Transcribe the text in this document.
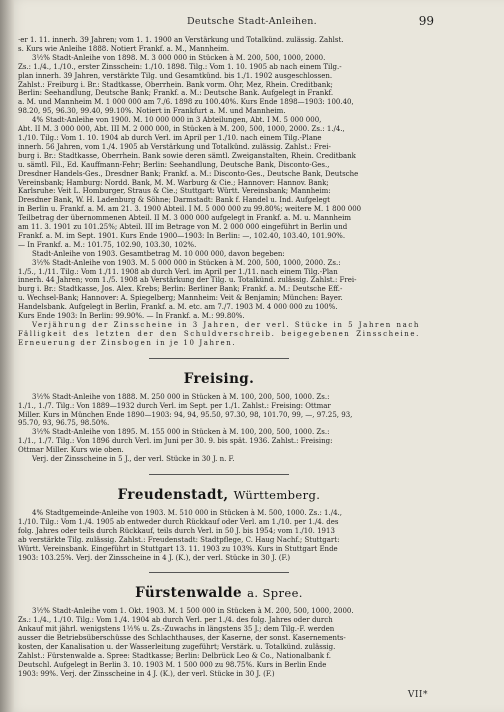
Deutsche Stadt-Anleihen.	99

·er 1. 11. innerh. 39 Jahren; vom 1. 1. 1900 an Verstärkung und Totalkünd. zulässig. Zahlst.

s. Kurs wie Anleihe 1888. Notiert Frankf. a. M., Mannheim.

3½% Stadt-Anleihe von 1898. M. 3 000 000 in Stücken à M. 200, 500, 1000, 2000.

Zs.: 1./4., 1./10., erster Zinsschein: 1./10. 1898. Tilg.: Vom 1. 10. 1905 ab nach einem Tilg.-

plan innerh. 39 Jahren, verstärkte Tilg. und Gesamtkünd. bis 1./1. 1902 ausgeschlossen.

Zahlst.: Freiburg i. Br.: Stadtkasse, Oberrhein. Bank vorm. Ohr, Mez, Rhein. Creditbank;

Berlin: Seehandlung, Deutsche Bank; Frankf. a. M.: Deutsche Bank. Aufgelegt in Frankf.

a. M. und Mannheim M. 1 000 000 am 7./6. 1898 zu 100.40%. Kurs Ende 1898—1903: 100.40,

98.20, 95, 96.30, 99.40, 99.10%. Notiert in Frankfurt a. M. und Mannheim.

4% Stadt-Anleihe von 1900. M. 10 000 000 in 3 Abteilungen, Abt. I M. 5 000 000,

Abt. II M. 3 000 000, Abt. III M. 2 000 000, in Stücken à M. 200, 500, 1000, 2000. Zs.: 1./4.,

1./10. Tilg.: Vom 1. 10. 1904 ab durch Verl. im April per 1./10. nach einem Tilg.-Plane

innerh. 56 Jahren, vom 1./4. 1905 ab Verstärkung und Totalkünd. zulässig. Zahlst.: Frei-

burg i. Br.: Stadtkasse, Oberrhein. Bank sowie deren sämtl. Zweiganstalten, Rhein. Creditbank

u. sämtl. Fil., Ed. Kauffmann-Fehr; Berlin: Seehandlung, Deutsche Bank, Disconto-Ges.,

Dresdner Handels-Ges., Dresdner Bank; Frankf. a. M.: Disconto-Ges., Deutsche Bank, Deutsche

Vereinsbank; Hamburg: Nordd. Bank, M. M. Warburg & Cie.; Hannover: Hannov. Bank;

Karlsruhe: Veit L. Homburger, Straus & Cie.; Stuttgart: Württ. Vereinsbank; Mannheim:

Dresdner Bank, W. H. Ladenburg & Söhne; Darmstadt: Bank f. Handel u. Ind. Aufgelegt

in Berlin u. Frankf. a. M. am 21. 3. 1900 Abteil. I M. 5 000 000 zu 99.80%; weitere M. 1 800 000

Teilbetrag der übernommenen Abteil. II M. 3 000 000 aufgelegt in Frankf. a. M. u. Mannheim

am 11. 3. 1901 zu 101.25%; Abteil. III im Betrage von M. 2 000 000 eingeführt in Berlin und

Frankf. a. M. im Sept. 1901. Kurs Ende 1900—1903: In Berlin: —, 102.40, 103.40, 101.90%.

— In Frankf. a. M.: 101.75, 102.90, 103.30, 102%.

Stadt-Anleihe von 1903. Gesamtbetrag M. 10 000 000, davon begeben:

3½% Stadt-Anleihe von 1903. M. 5 000 000 in Stücken à M. 200, 500, 1000, 2000. Zs.:

1./5., 1./11. Tilg.: Vom 1./11. 1908 ab durch Verl. im April per 1./11. nach einem Tilg.-Plan

innerh. 44 Jahren; vom 1./5. 1908 ab Verstärkung der Tilg. u. Totalkünd. zulässig. Zahlst.: Frei-

burg i. Br.: Stadtkasse, Jos. Alex. Krebs; Berlin: Berliner Bank; Frankf. a. M.: Deutsche Eff.-

u. Wechsel-Bank; Hannover: A. Spiegelberg; Mannheim: Veit & Benjamin; München: Bayer.

Handelsbank. Aufgelegt in Berlin, Frankf. a. M. etc. am 7./7. 1903 M. 4 000 000 zu 100%.

Kurs Ende 1903: In Berlin: 99.90%. — In Frankf. a. M.: 99.80%.

Verjährung der Zinsscheine in 3 Jahren, der verl. Stücke in 5 Jahren nach Fälligkeit des letzten der den Schuldverschreib. beigegebenen Zinsscheine. Erneuerung der Zinsbogen in je 10 Jahren.

Freising.

3½% Stadt-Anleihe von 1888. M. 250 000 in Stücken à M. 100, 200, 500, 1000. Zs.:

1./1., 1./7. Tilg.: Von 1889—1932 durch Verl. im Sept. per 1./1. Zahlst.: Freising: Ottmar

Miller. Kurs in München Ende 1890—1903: 94, 94, 95.50, 97.30, 98, 101.70, 99, —, 97.25, 93,

95.70, 93, 96.75, 98.50%.

3½% Stadt-Anleihe von 1895. M. 155 000 in Stücken à M. 100, 200, 500, 1000. Zs.:

1./1., 1./7. Tilg.: Von 1896 durch Verl. im Juni per 30. 9. bis spät. 1936. Zahlst.: Freising:

Ottmar Miller. Kurs wie oben.

Verj. der Zinsscheine in 5 J., der verl. Stücke in 30 J. n. F.

Freudenstadt, Württemberg.

4% Stadtgemeinde-Anleihe von 1903. M. 510 000 in Stücken à M. 500, 1000. Zs.: 1./4.,

1./10. Tilg.: Vom 1./4. 1905 ab entweder durch Rückkauf oder Verl. am 1./10. per 1./4. des

folg. Jahres oder teils durch Rückkauf, teils durch Verl. in 50 J. bis 1954; vom 1./10. 1913

ab verstärkte Tilg. zulässig. Zahlst.: Freudenstadt: Stadtpflege, C. Haug Nachf.; Stuttgart:

Württ. Vereinsbank. Eingeführt in Stuttgart 13. 11. 1903 zu 103%. Kurs in Stuttgart Ende

1903: 103.25%. Verj. der Zinsscheine in 4 J. (K.), der verl. Stücke in 30 J. (F.)

Fürstenwalde a. Spree.

3½% Stadt-Anleihe vom 1. Okt. 1903. M. 1 500 000 in Stücken à M. 200, 500, 1000, 2000.

Zs.: 1./4., 1./10. Tilg.: Vom 1./4. 1904 ab durch Verl. per 1./4. des folg. Jahres oder durch

Ankauf mit jährl. wenigstens 1½% u. Zs.-Zuwachs in längstens 35 J.; dem Tilg.-F. werden

ausser die Betriebsüberschüsse des Schlachthauses, der Kaserne, der sonst. Kasernements-

kosten, der Kanalisation u. der Wasserleitung zugeführt; Verstärk. u. Totalkünd. zulässig.

Zahlst.: Fürstenwalde a. Spree: Stadtkasse; Berlin: Delbrück Leo & Co., Nationalbank f.

Deutschl. Aufgelegt in Berlin 3. 10. 1903 M. 1 500 000 zu 98.75%. Kurs in Berlin Ende

1903: 99%. Verj. der Zinsscheine in 4 J. (K.), der verl. Stücke in 30 J. (F.)

VII*
